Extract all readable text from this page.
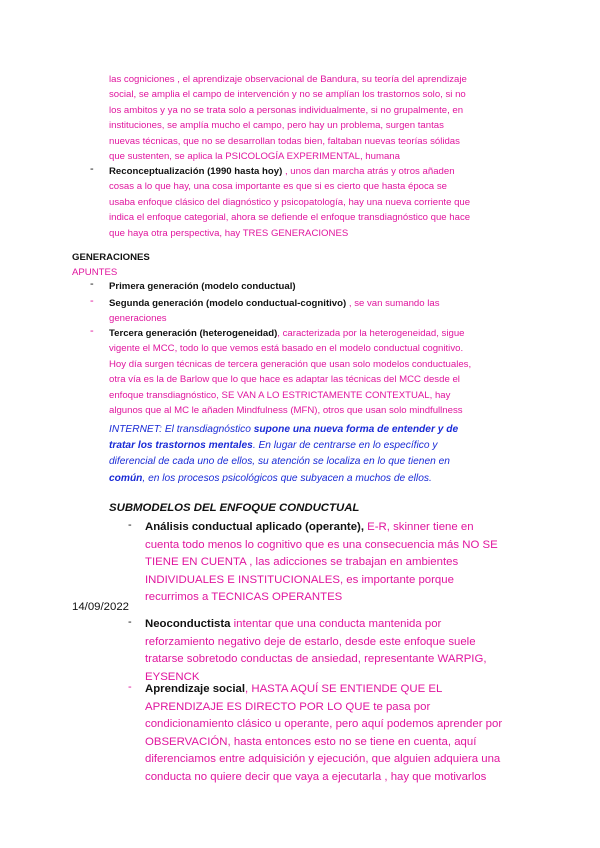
las cogniciones , el aprendizaje observacional de Bandura, su teoría del aprendizaje

social, se amplia el campo de intervención y no se amplían los trastornos solo, si no

los ambitos y ya no se trata solo a personas individualmente, si no grupalmente, en

instituciones, se amplía mucho el campo, pero hay un problema, surgen tantas

nuevas técnicas, que no se desarrollan todas bien, faltaban nuevas teorías sólidas

que sustenten, se aplica la PSICOLOGÍA EXPERIMENTAL, humana

- Reconceptualización (1990 hasta hoy) , unos dan marcha atrás y otros añaden

cosas a lo que hay, una cosa importante es que si es cierto que hasta época se

usaba enfoque clásico del diagnóstico y psicopatología, hay una nueva corriente que

indica el enfoque categorial, ahora se defiende el enfoque transdiagnóstico que hace

que haya otra perspectiva, hay TRES GENERACIONES

GENERACIONES

APUNTES

- Primera generación (modelo conductual)

- Segunda generación (modelo conductual-cognitivo) , se van sumando las

generaciones

- Tercera generación (heterogeneidad), caracterizada por la heterogeneidad, sigue

vigente el MCC, todo lo que vemos está basado en el modelo conductual cognitivo.

Hoy día surgen técnicas de tercera generación que usan solo modelos conductuales,

otra vía es la de Barlow que lo que hace es adaptar las técnicas del MCC desde el

enfoque transdiagnóstico, SE VAN A LO ESTRICTAMENTE CONTEXTUAL, hay

algunos que al MC le añaden Mindfulness (MFN), otros que usan solo mindfullness

INTERNET: El transdiagnóstico supone una nueva forma de entender y de

tratar los trastornos mentales. En lugar de centrarse en lo específico y

diferencial de cada uno de ellos, su atención se localiza en lo que tienen en

común, en los procesos psicológicos que subyacen a muchos de ellos.

SUBMODELOS DEL ENFOQUE CONDUCTUAL

- Análisis conductual aplicado (operante), E-R, skinner tiene en

cuenta todo menos lo cognitivo que es una consecuencia más NO SE

TIENE EN CUENTA , las adicciones se trabajan en ambientes

INDIVIDUALES E INSTITUCIONALES, es importante porque

recurrimos a TECNICAS OPERANTES

14/09/2022
- Neoconductista intentar que una conducta mantenida por

reforzamiento negativo deje de estarlo, desde este enfoque suele

tratarse sobretodo conductas de ansiedad, representante WARPIG,

EYSENCK

- Aprendizaje social, HASTA AQUÍ SE ENTIENDE QUE EL

APRENDIZAJE ES DIRECTO POR LO QUE te pasa por

condicionamiento clásico u operante, pero aquí podemos aprender por

OBSERVACIÓN, hasta entonces esto no se tiene en cuenta, aquí

diferenciamos entre adquisición y ejecución, que alguien adquiera una

conducta no quiere decir que vaya a ejecutarla , hay que motivarlos
